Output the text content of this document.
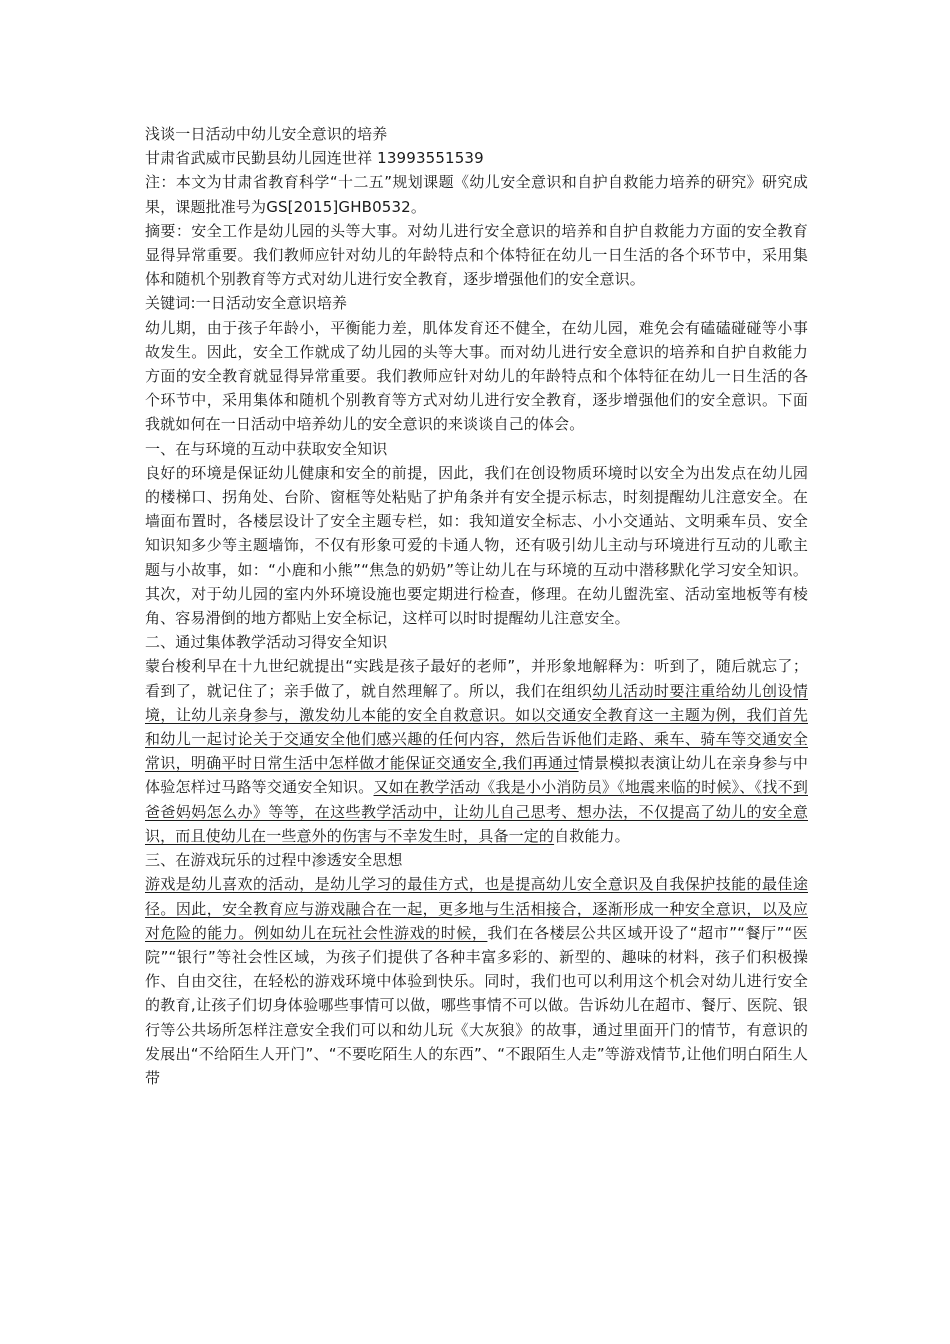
浅谈一日活动中幼儿安全意识的培养

甘肃省武威市民勤县幼儿园连世祥 13993551539

注：本文为甘肃省教育科学“十二五”规划课题《幼儿安全意识和自护自救能力培养的研究》研究成果，课题批准号为GS[2015]GHB0532。

摘要：安全工作是幼儿园的头等大事。对幼儿进行安全意识的培养和自护自救能力方面的安全教育显得异常重要。我们教师应针对幼儿的年龄特点和个体特征在幼儿一日生活的各个环节中，采用集体和随机个别教育等方式对幼儿进行安全教育，逐步增强他们的安全意识。

关键词:一日活动安全意识培养

幼儿期，由于孩子年龄小，平衡能力差，肌体发育还不健全，在幼儿园，难免会有磕磕碰碰等小事故发生。因此，安全工作就成了幼儿园的头等大事。而对幼儿进行安全意识的培养和自护自救能力方面的安全教育就显得异常重要。我们教师应针对幼儿的年龄特点和个体特征在幼儿一日生活的各个环节中，采用集体和随机个别教育等方式对幼儿进行安全教育，逐步增强他们的安全意识。下面我就如何在一日活动中培养幼儿的安全意识的来谈谈自己的体会。

一、在与环境的互动中获取安全知识

良好的环境是保证幼儿健康和安全的前提，因此，我们在创设物质环境时以安全为出发点在幼儿园的楼梯口、拐角处、台阶、窗框等处粘贴了护角条并有安全提示标志，时刻提醒幼儿注意安全。在墙面布置时，各楼层设计了安全主题专栏，如：我知道安全标志、小小交通站、文明乘车员、安全知识知多少等主题墙饰，不仅有形象可爱的卡通人物，还有吸引幼儿主动与环境进行互动的儿歌主题与小故事，如：“小鹿和小熊”“焦急的奶奶”等让幼儿在与环境的互动中潜移默化学习安全知识。其次，对于幼儿园的室内外环境设施也要定期进行检查，修理。在幼儿盥洗室、活动室地板等有棱角、容易滑倒的地方都贴上安全标记，这样可以时时提醒幼儿注意安全。

二、通过集体教学活动习得安全知识

蒙台梭利早在十九世纪就提出“实践是孩子最好的老师”，并形象地解释为：听到了，随后就忘了；看到了，就记住了；亲手做了，就自然理解了。所以，我们在组织幼儿活动时要注重给幼儿创设情境，让幼儿亲身参与，激发幼儿本能的安全自救意识。如以交通安全教育这一主题为例，我们首先和幼儿一起讨论关于交通安全他们感兴趣的任何内容，然后告诉他们走路、乘车、骑车等交通安全常识，明确平时日常生活中怎样做才能保证交通安全,我们再通过情景模拟表演让幼儿在亲身参与中体验怎样过马路等交通安全知识。又如在教学活动《我是小小消防员》《地震来临的时候》、《找不到爸爸妈妈怎么办》等等，在这些教学活动中，让幼儿自己思考、想办法，不仅提高了幼儿的安全意识，而且使幼儿在一些意外的伤害与不幸发生时，具备一定的自救能力。

三、在游戏玩乐的过程中渗透安全思想

游戏是幼儿喜欢的活动，是幼儿学习的最佳方式，也是提高幼儿安全意识及自我保护技能的最佳途径。因此，安全教育应与游戏融合在一起，更多地与生活相接合，逐渐形成一种安全意识，以及应对危险的能力。例如幼儿在玩社会性游戏的时候，我们在各楼层公共区域开设了“超市”“餐厅”“医院”“银行”等社会性区域，为孩子们提供了各种丰富多彩的、新型的、趣味的材料，孩子们积极操作、自由交往，在轻松的游戏环境中体验到快乐。同时，我们也可以利用这个机会对幼儿进行安全的教育,让孩子们切身体验哪些事情可以做，哪些事情不可以做。告诉幼儿在超市、餐厅、医院、银行等公共场所怎样注意安全我们可以和幼儿玩《大灰狼》的故事，通过里面开门的情节，有意识的发展出“不给陌生人开门”、“不要吃陌生人的东西”、“不跟陌生人走”等游戏情节,让他们明白陌生人带
